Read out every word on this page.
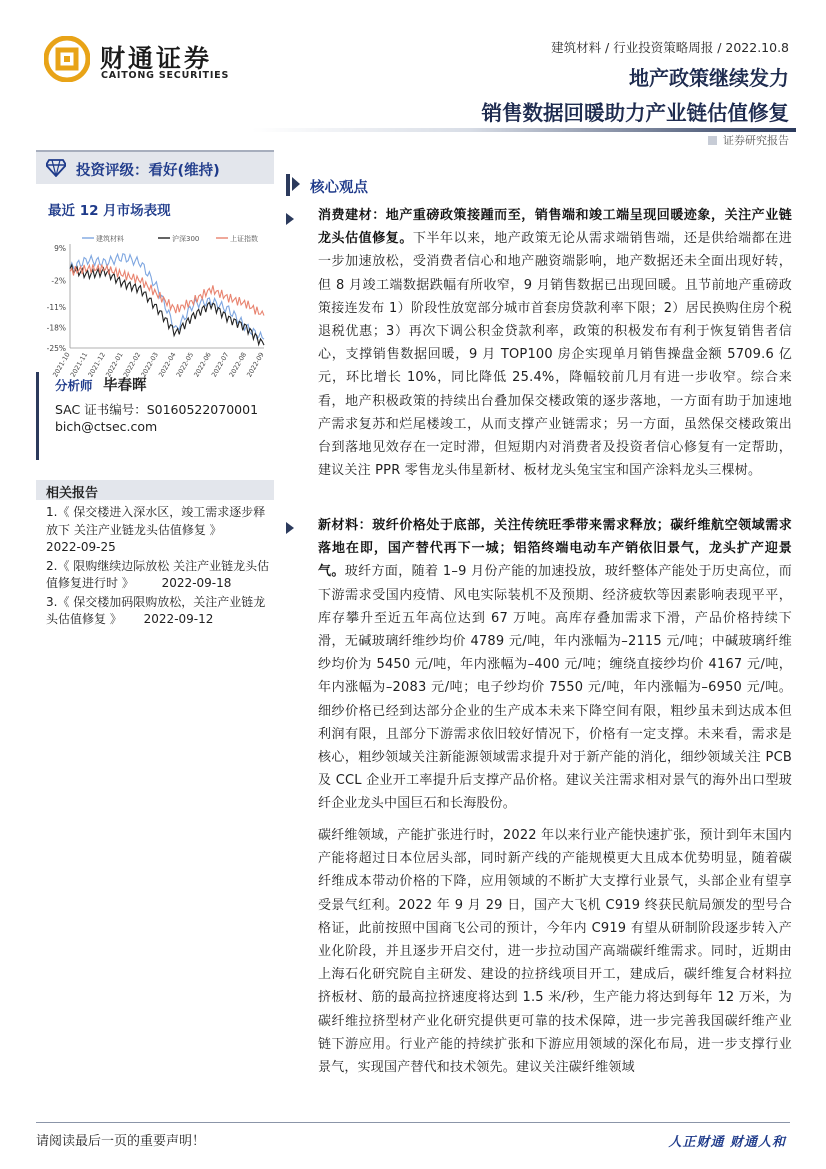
财通证券
CAITONG SECURITIES
建筑材料 / 行业投资策略周报 / 2022.10.8
地产政策继续发力
销售数据回暖助力产业链估值修复
证券研究报告
投资评级：看好(维持)
最近 12 月市场表现
9%
-2%
-11%
-18%
-25%
2021-10
2021-11
2021-12
2022-01
2022-02
2022-03
2022-04
2022-05
2022-06
2022-07
2022-08
2022-09
建筑材料	沪深300	上证指数
分析师 毕春晖
SAC 证书编号：S0160522070001
bich@ctsec.com
相关报告
1.《 保交楼进入深水区，竣工需求逐步释放下 关注产业链龙头估值修复 》
2022-09-25
2.《 限购继续边际放松 关注产业链龙头估值修复进行时 》 2022-09-18
3.《 保交楼加码限购放松，关注产业链龙头估值修复 》 2022-09-12
核心观点
消费建材：地产重磅政策接踵而至，销售端和竣工端呈现回暖迹象，关注产业链龙头估值修复。下半年以来，地产政策无论从需求端销售端，还是供给端都在进一步加速放松，受消费者信心和地产融资端影响，地产数据还未全面出现好转，但 8 月竣工端数据跌幅有所收窄，9 月销售数据已出现回暖。且节前地产重磅政策接连发布 1）阶段性放宽部分城市首套房贷款利率下限；2）居民换购住房个税退税优惠；3）再次下调公积金贷款利率，政策的积极发布有利于恢复销售者信心，支撑销售数据回暖，9 月 TOP100 房企实现单月销售操盘金额 5709.6 亿元，环比增长 10%，同比降低 25.4%，降幅较前几月有进一步收窄。综合来看，地产积极政策的持续出台叠加保交楼政策的逐步落地，一方面有助于加速地产需求复苏和烂尾楼竣工，从而支撑产业链需求；另一方面，虽然保交楼政策出台到落地见效存在一定时滞，但短期内对消费者及投资者信心修复有一定帮助，建议关注 PPR 零售龙头伟星新材、板材龙头兔宝宝和国产涂料龙头三棵树。
新材料：玻纤价格处于底部，关注传统旺季带来需求释放；碳纤维航空领域需求落地在即，国产替代再下一城；铝箔终端电动车产销依旧景气，龙头扩产迎景气。玻纤方面，随着 1–9 月份产能的加速投放，玻纤整体产能处于历史高位，而下游需求受国内疫情、风电实际装机不及预期、经济疲软等因素影响表现平平，库存攀升至近五年高位达到 67 万吨。高库存叠加需求下滑，产品价格持续下滑，无碱玻璃纤维纱均价 4789 元/吨，年内涨幅为–2115 元/吨；中碱玻璃纤维纱均价为 5450 元/吨，年内涨幅为–400 元/吨；缠绕直接纱均价 4167 元/吨，年内涨幅为–2083 元/吨；电子纱均价 7550 元/吨，年内涨幅为–6950 元/吨。细纱价格已经到达部分企业的生产成本未来下降空间有限，粗纱虽未到达成本但利润有限，且部分下游需求依旧较好情况下，价格有一定支撑。未来看，需求是核心，粗纱领域关注新能源领域需求提升对于新产能的消化，细纱领域关注 PCB 及 CCL 企业开工率提升后支撑产品价格。建议关注需求相对景气的海外出口型玻纤企业龙头中国巨石和长海股份。
碳纤维领域，产能扩张进行时，2022 年以来行业产能快速扩张，预计到年末国内产能将超过日本位居头部，同时新产线的产能规模更大且成本优势明显，随着碳纤维成本带动价格的下降，应用领域的不断扩大支撑行业景气，头部企业有望享受景气红利。2022 年 9 月 29 日，国产大飞机 C919 终获民航局颁发的型号合格证，此前按照中国商飞公司的预计，今年内 C919 有望从研制阶段逐步转入产业化阶段，并且逐步开启交付，进一步拉动国产高端碳纤维需求。同时，近期由上海石化研究院自主研发、建设的拉挤线项目开工，建成后，碳纤维复合材料拉挤板材、筋的最高拉挤速度将达到 1.5 米/秒，生产能力将达到每年 12 万米，为碳纤维拉挤型材产业化研究提供更可靠的技术保障，进一步完善我国碳纤维产业链下游应用。行业产能的持续扩张和下游应用领域的深化布局，进一步支撑行业景气，实现国产替代和技术领先。建议关注碳纤维领域
请阅读最后一页的重要声明！	人正财通 财通人和
